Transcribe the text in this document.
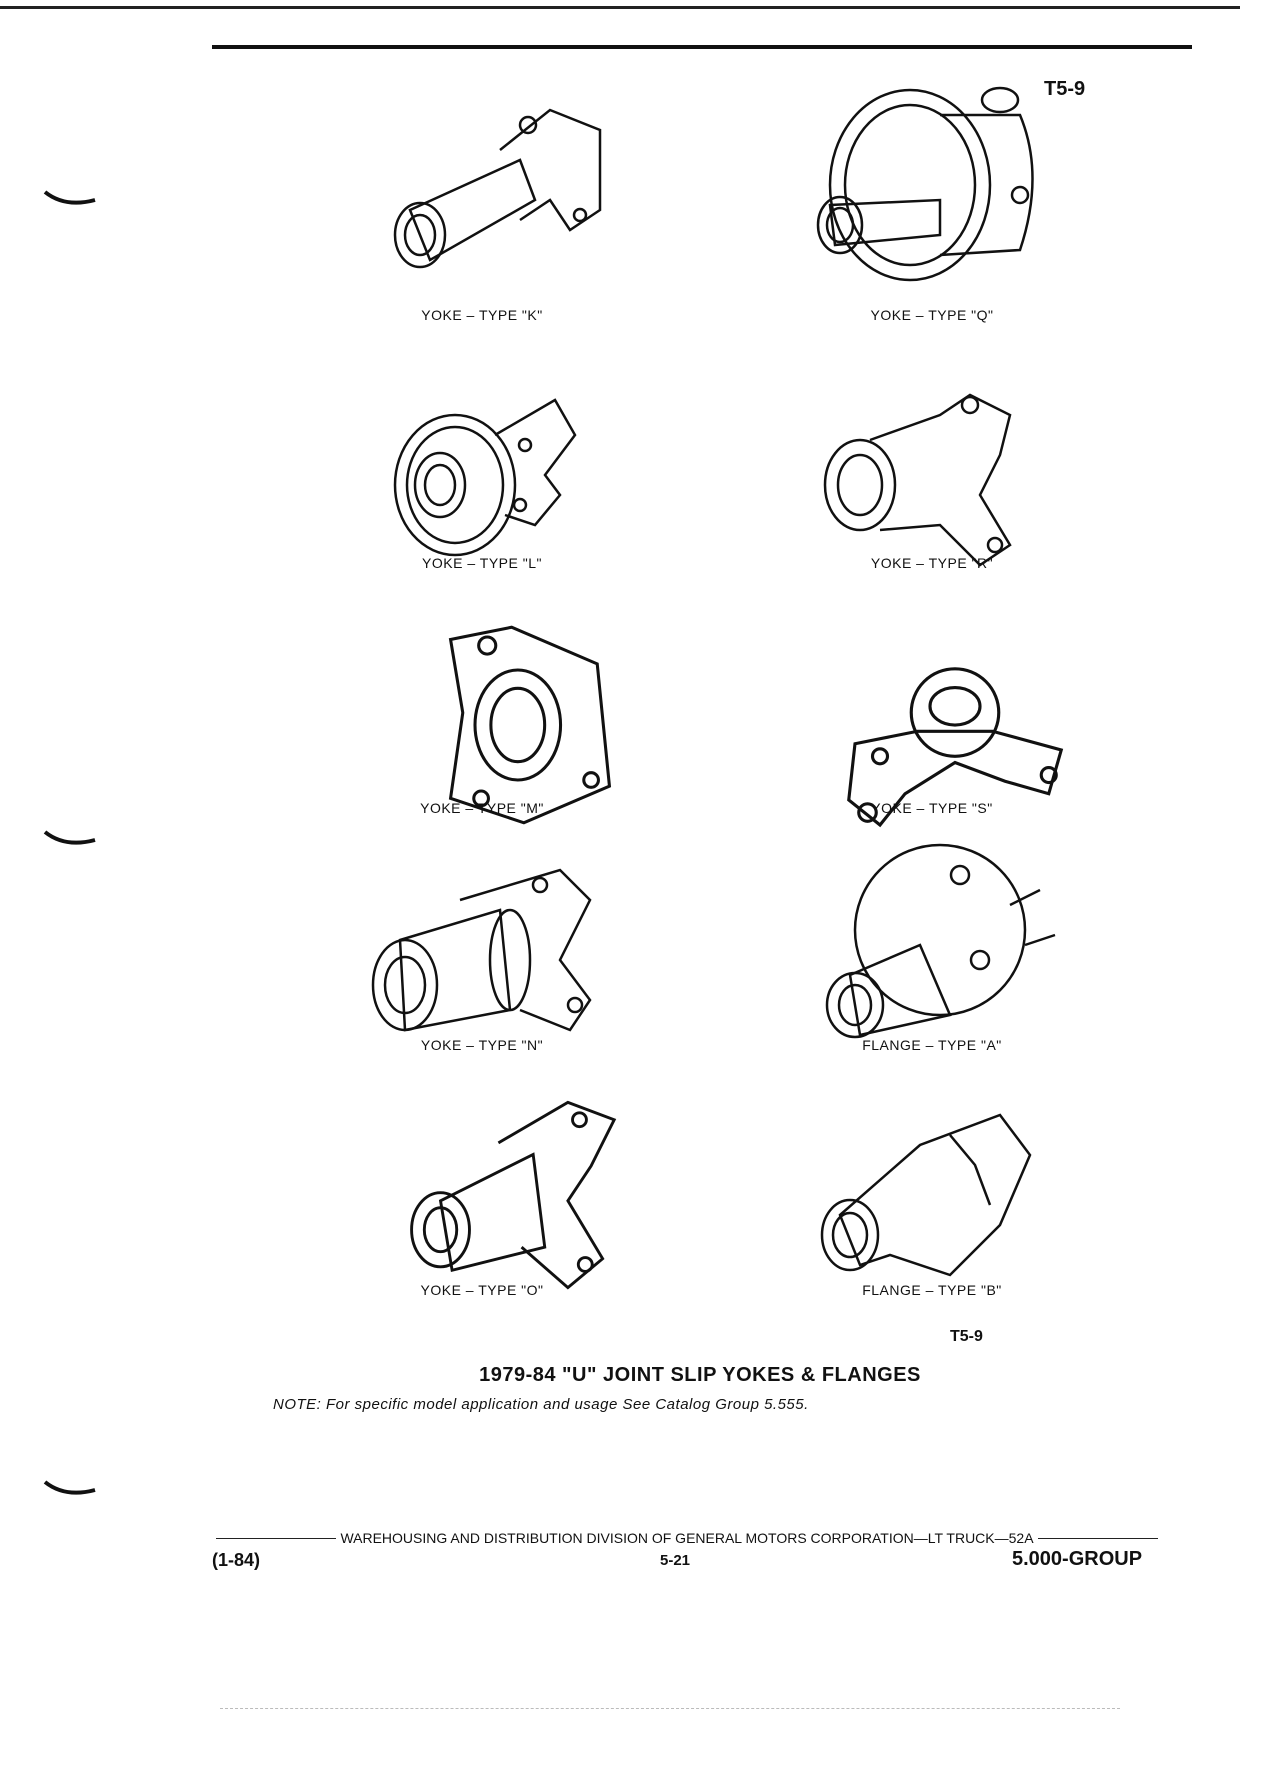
T5-9
YOKE – TYPE "K"	YOKE – TYPE "Q"
YOKE – TYPE "L"	YOKE – TYPE "R"
YOKE – TYPE "M"	YOKE – TYPE "S"
YOKE – TYPE "N"	FLANGE – TYPE "A"
YOKE – TYPE "O"	FLANGE – TYPE "B"
T5-9
1979-84 "U" JOINT SLIP YOKES & FLANGES
NOTE: For specific model application and usage See Catalog Group 5.555.
WAREHOUSING AND DISTRIBUTION DIVISION OF GENERAL MOTORS CORPORATION—LT TRUCK—52A
(1-84)	5-21	5.000-GROUP
